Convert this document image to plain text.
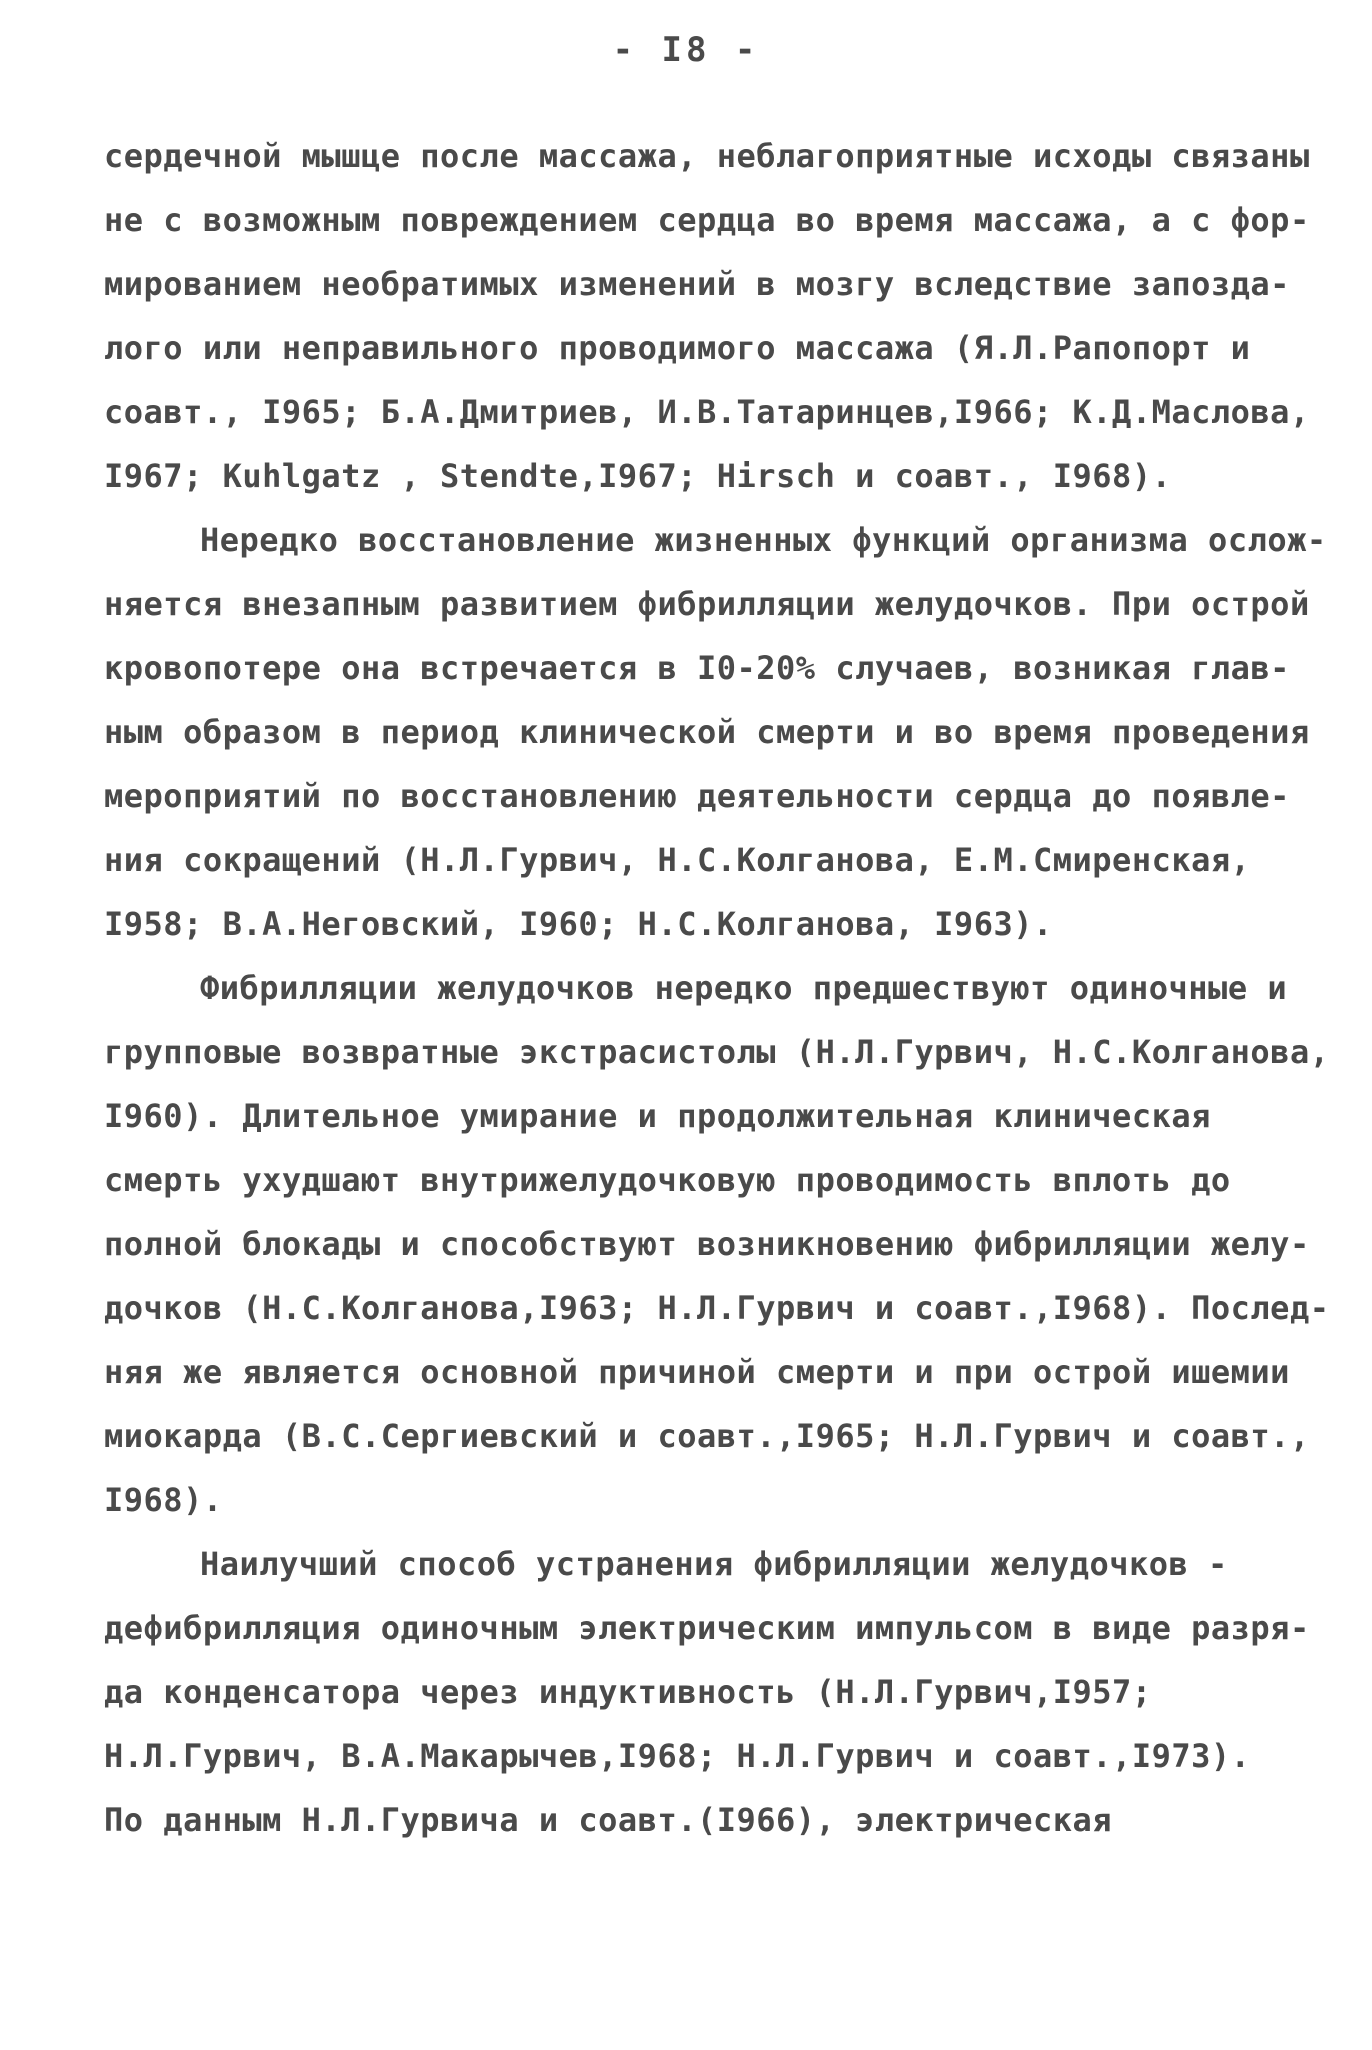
- I8 -
сердечной мышце после массажа, неблагоприятные исходы связаны
не с возможным повреждением сердца во время массажа, а с фор-
мированием необратимых изменений в мозгу вследствие запозда-
лого или неправильного проводимого массажа (Я.Л.Рапопорт и
соавт., I965; Б.А.Дмитриев, И.В.Татаринцев,I966; К.Д.Маслова,
I967; Kuhlgatz , Stendte,I967; Hirsch и соавт., I968).
Нередко восстановление жизненных функций организма ослож-
няется внезапным развитием фибрилляции желудочков. При острой
кровопотере она встречается в I0-20% случаев, возникая глав-
ным образом в период клинической смерти и во время проведения
мероприятий по восстановлению деятельности сердца до появле-
ния сокращений (Н.Л.Гурвич, Н.С.Колганова, Е.М.Смиренская,
I958; В.А.Неговский, I960; Н.С.Колганова, I963).
Фибрилляции желудочков нередко предшествуют одиночные и
групповые возвратные экстрасистолы (Н.Л.Гурвич, Н.С.Колганова,
I960). Длительное умирание и продолжительная клиническая
смерть ухудшают внутрижелудочковую проводимость вплоть до
полной блокады и способствуют возникновению фибрилляции желу-
дочков (Н.С.Колганова,I963; Н.Л.Гурвич и соавт.,I968). Послед-
няя же является основной причиной смерти и при острой ишемии
миокарда (В.С.Сергиевский и соавт.,I965; Н.Л.Гурвич и соавт.,
I968).
Наилучший способ устранения фибрилляции желудочков -
дефибрилляция одиночным электрическим импульсом в виде разря-
да конденсатора через индуктивность (Н.Л.Гурвич,I957;
Н.Л.Гурвич, В.А.Макарычев,I968; Н.Л.Гурвич и соавт.,I973).
По данным Н.Л.Гурвича и соавт.(I966), электрическая
